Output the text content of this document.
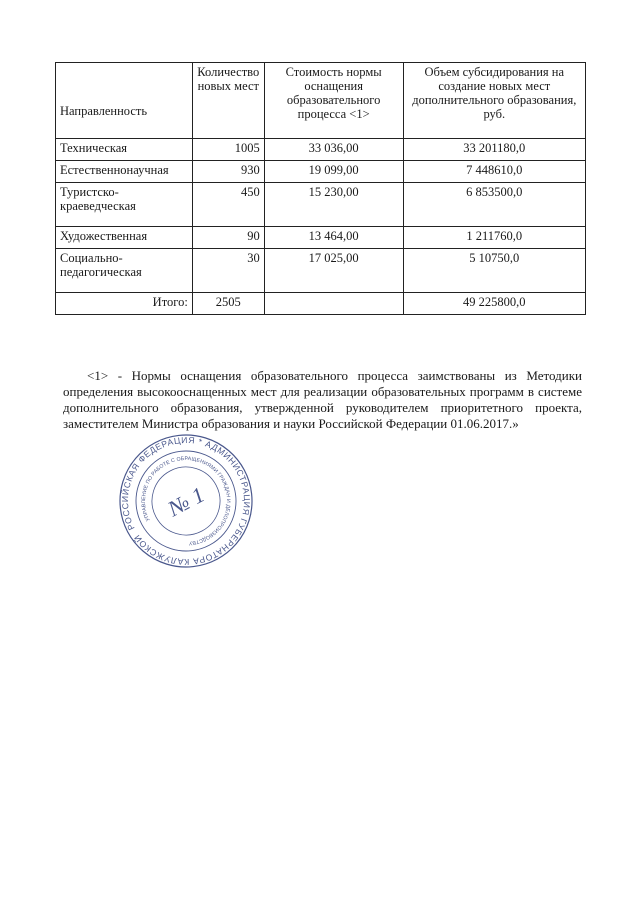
Направленность	Количество новых мест	Стоимость нормы оснащения образовательного процесса <1>	Объем субсидирования на создание новых мест дополнительного образования, руб.
Техническая	1005	33 036,00	33 201180,0
Естественнонаучная	930	19 099,00	7 448610,0
Туристско-краеведческая	450	15 230,00	6 853500,0
Художественная	90	13 464,00	1 211760,0
Социально-педагогическая	30	17 025,00	5 10750,0
Итого:	2505		49 225800,0

<1> - Нормы оснащения образовательного процесса заимствованы из Методики определения высокооснащенных мест для реализации образовательных программ в системе дополнительного образования, утвержденной руководителем приоритетного проекта, заместителем Министра образования и науки Российской Федерации 01.06.2017.»

РОССИЙСКАЯ ФЕДЕРАЦИЯ * АДМИНИСТРАЦИЯ ГУБЕРНАТОРА КАЛУЖСКОЙ
УПРАВЛЕНИЕ ПО РАБОТЕ С ОБРАЩЕНИЯМИ ГРАЖДАН И ДЕЛОПРОИЗВОДСТВУ
№ 1
